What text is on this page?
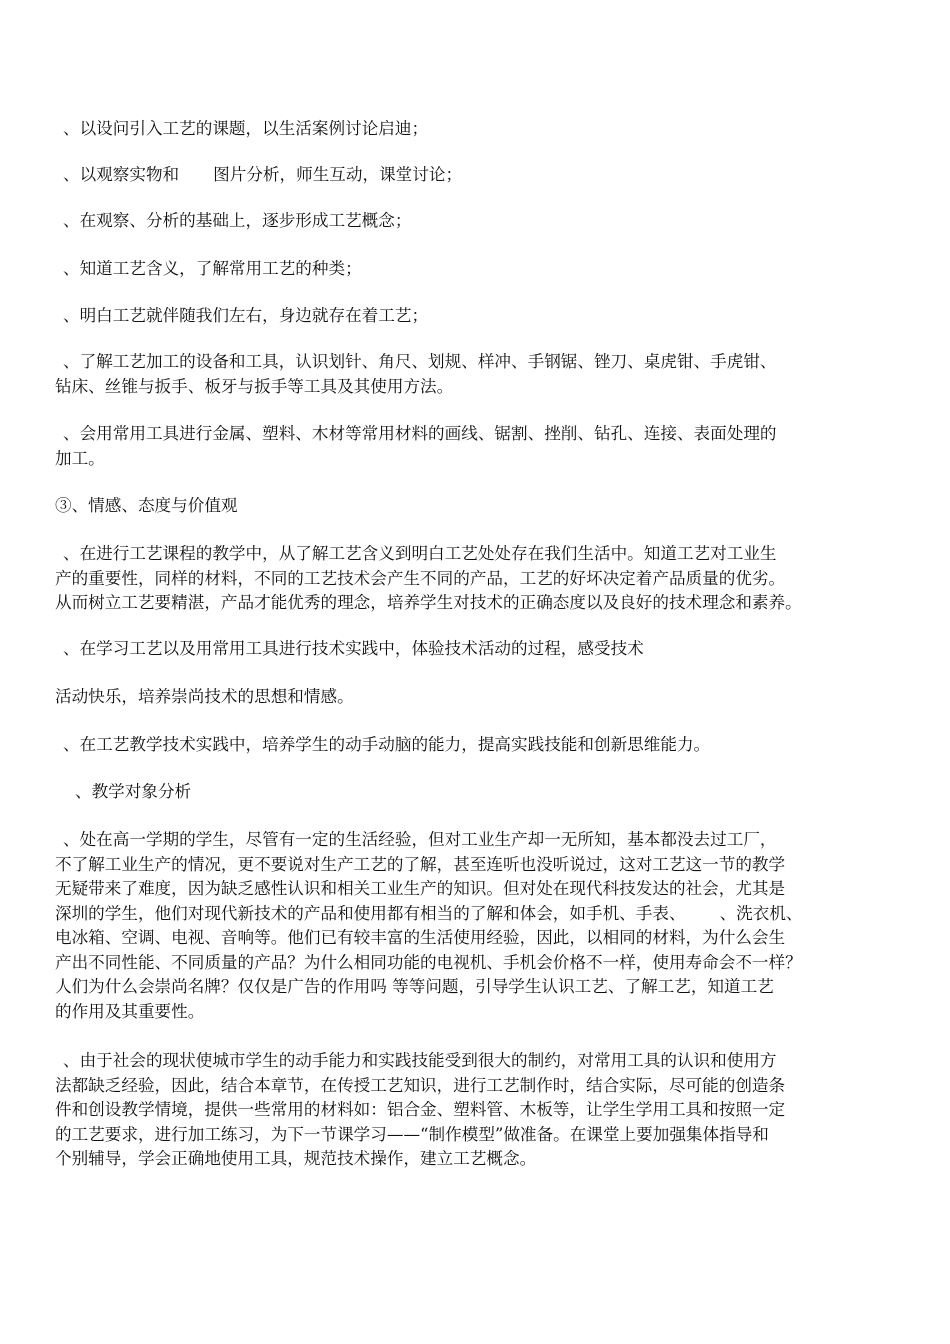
、以设问引入工艺的课题，以生活案例讨论启迪；
、以观察实物和 图片分析，师生互动，课堂讨论；
、在观察、分析的基础上，逐步形成工艺概念；
、知道工艺含义，了解常用工艺的种类；
、明白工艺就伴随我们左右，身边就存在着工艺；
、了解工艺加工的设备和工具，认识划针、角尺、划规、样冲、手钢锯、锉刀、桌虎钳、手虎钳、
钻床、丝锥与扳手、板牙与扳手等工具及其使用方法。
、会用常用工具进行金属、塑料、木材等常用材料的画线、锯割、挫削、钻孔、连接、表面处理的
加工。
③、情感、态度与价值观
、在进行工艺课程的教学中，从了解工艺含义到明白工艺处处存在我们生活中。知道工艺对工业生
产的重要性，同样的材料，不同的工艺技术会产生不同的产品，工艺的好坏决定着产品质量的优劣。
从而树立工艺要精湛，产品才能优秀的理念，培养学生对技术的正确态度以及良好的技术理念和素养。
、在学习工艺以及用常用工具进行技术实践中，体验技术活动的过程，感受技术
活动快乐，培养崇尚技术的思想和情感。
、在工艺教学技术实践中，培养学生的动手动脑的能力，提高实践技能和创新思维能力。
、教学对象分析
、处在高一学期的学生，尽管有一定的生活经验，但对工业生产却一无所知，基本都没去过工厂，
不了解工业生产的情况，更不要说对生产工艺的了解，甚至连听也没听说过，这对工艺这一节的教学
无疑带来了难度，因为缺乏感性认识和相关工业生产的知识。但对处在现代科技发达的社会，尤其是
深圳的学生，他们对现代新技术的产品和使用都有相当的了解和体会，如手机、手表、 、洗衣机、
电冰箱、空调、电视、音响等。他们已有较丰富的生活使用经验，因此，以相同的材料，为什么会生
产出不同性能、不同质量的产品？为什么相同功能的电视机、手机会价格不一样，使用寿命会不一样？
人们为什么会崇尚名牌？仅仅是广告的作用吗 等等问题，引导学生认识工艺、了解工艺，知道工艺
的作用及其重要性。
、由于社会的现状使城市学生的动手能力和实践技能受到很大的制约，对常用工具的认识和使用方
法都缺乏经验，因此，结合本章节，在传授工艺知识，进行工艺制作时，结合实际，尽可能的创造条
件和创设教学情境，提供一些常用的材料如：铝合金、塑料管、木板等，让学生学用工具和按照一定
的工艺要求，进行加工练习，为下一节课学习——“制作模型”做准备。在课堂上要加强集体指导和
个别辅导，学会正确地使用工具，规范技术操作，建立工艺概念。
